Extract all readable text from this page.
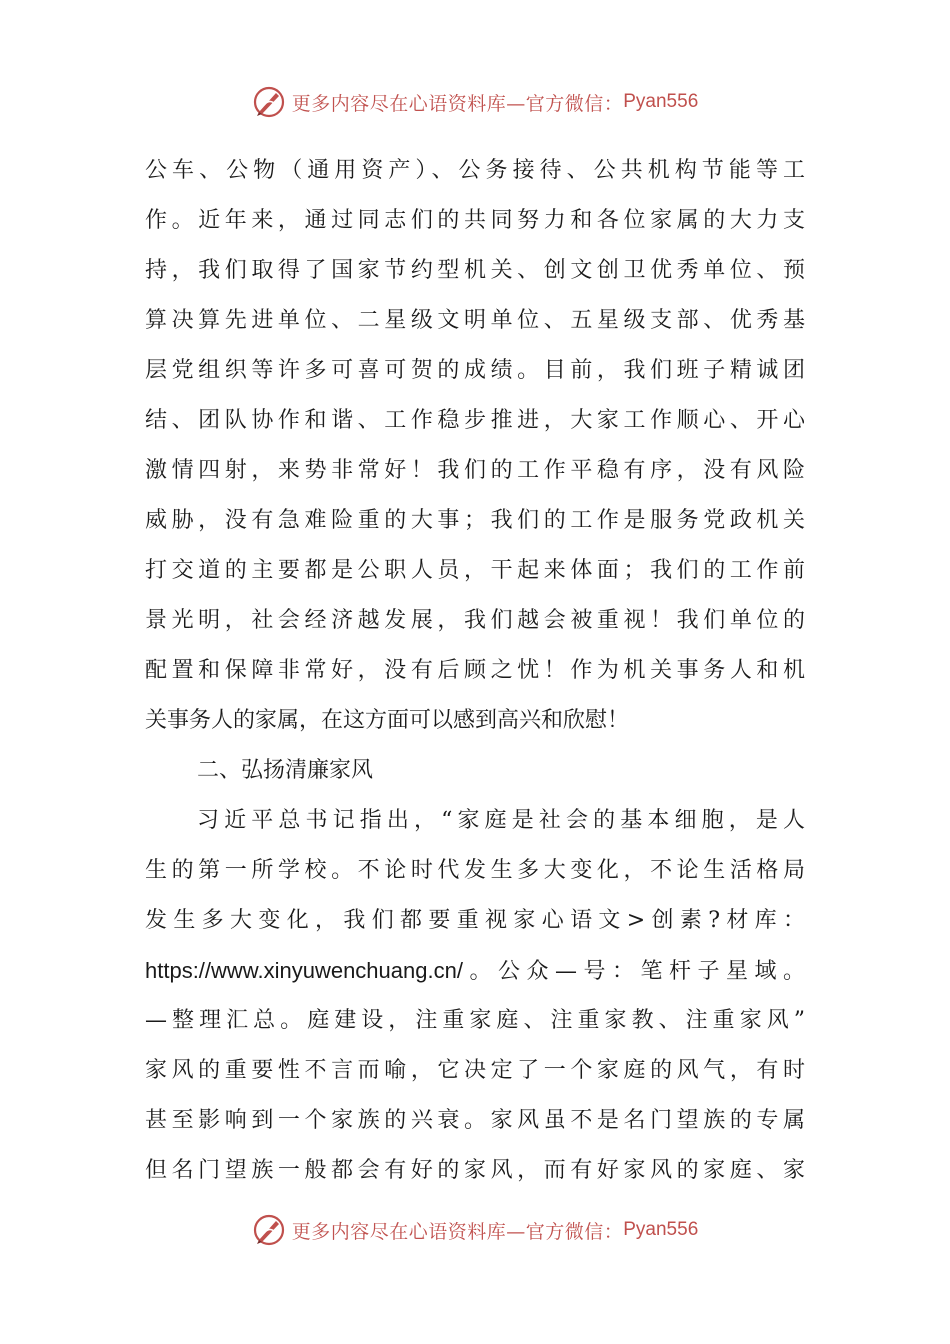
更多内容尽在心语资料库—官方微信： Pyan556
公车、公物（通用资产）、公务接待、公共机构节能等工
作。近年来，通过同志们的共同努力和各位家属的大力支
持，我们取得了国家节约型机关、创文创卫优秀单位、预
算决算先进单位、二星级文明单位、五星级支部、优秀基
层党组织等许多可喜可贺的成绩。目前，我们班子精诚团
结、团队协作和谐、工作稳步推进，大家工作顺心、开心
激情四射，来势非常好！我们的工作平稳有序，没有风险
威胁，没有急难险重的大事；我们的工作是服务党政机关
打交道的主要都是公职人员，干起来体面；我们的工作前
景光明，社会经济越发展，我们越会被重视！我们单位的
配置和保障非常好，没有后顾之忧！作为机关事务人和机
关事务人的家属，在这方面可以感到高兴和欣慰！
二、弘扬清廉家风
习近平总书记指出，“家庭是社会的基本细胞，是人
生的第一所学校。不论时代发生多大变化，不论生活格局
发生多大变化，我们都要重视家心语文>创素?材库：
https://www.xinyuwenchuang.cn/。公众—号：笔杆子星域。
—整理汇总。庭建设，注重家庭、注重家教、注重家风”
家风的重要性不言而喻，它决定了一个家庭的风气，有时
甚至影响到一个家族的兴衰。家风虽不是名门望族的专属
但名门望族一般都会有好的家风，而有好家风的家庭、家
更多内容尽在心语资料库—官方微信： Pyan556
